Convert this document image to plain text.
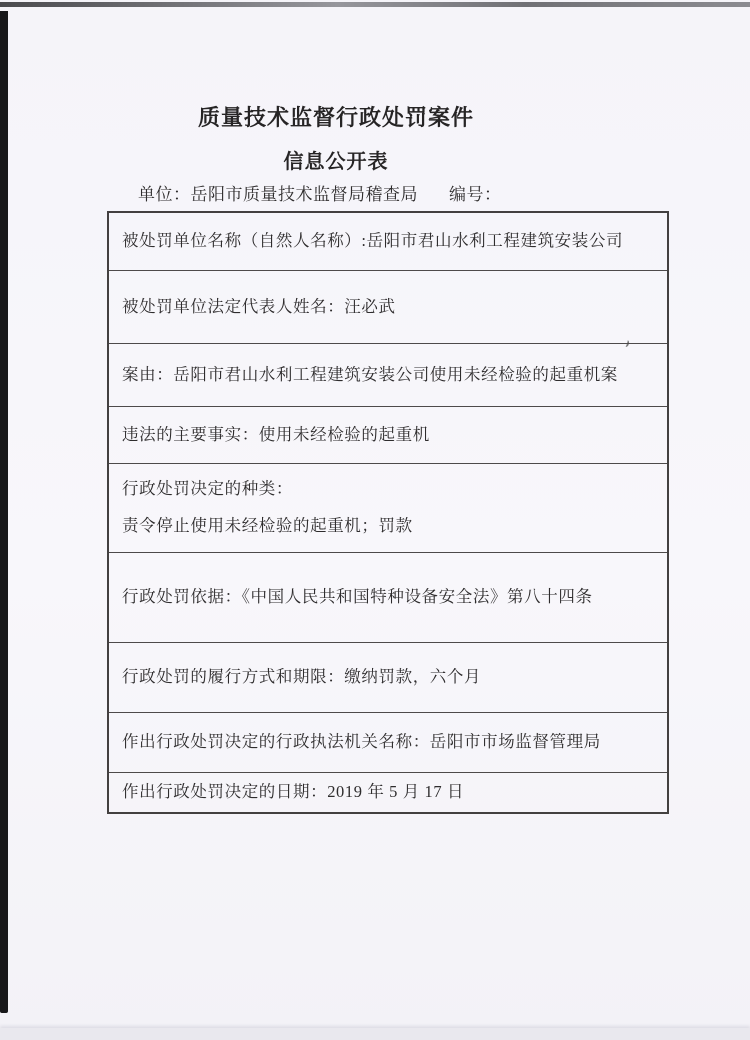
质量技术监督行政处罚案件
信息公开表
单位：岳阳市质量技术监督局稽查局 编号：
被处罚单位名称（自然人名称）:岳阳市君山水利工程建筑安装公司
被处罚单位法定代表人姓名：汪必武
案由：岳阳市君山水利工程建筑安装公司使用未经检验的起重机案
违法的主要事实：使用未经检验的起重机
行政处罚决定的种类：
责令停止使用未经检验的起重机；罚款
行政处罚依据：《中国人民共和国特种设备安全法》第八十四条
行政处罚的履行方式和期限：缴纳罚款，六个月
作出行政处罚决定的行政执法机关名称：岳阳市市场监督管理局
作出行政处罚决定的日期：2019 年 5 月 17 日
